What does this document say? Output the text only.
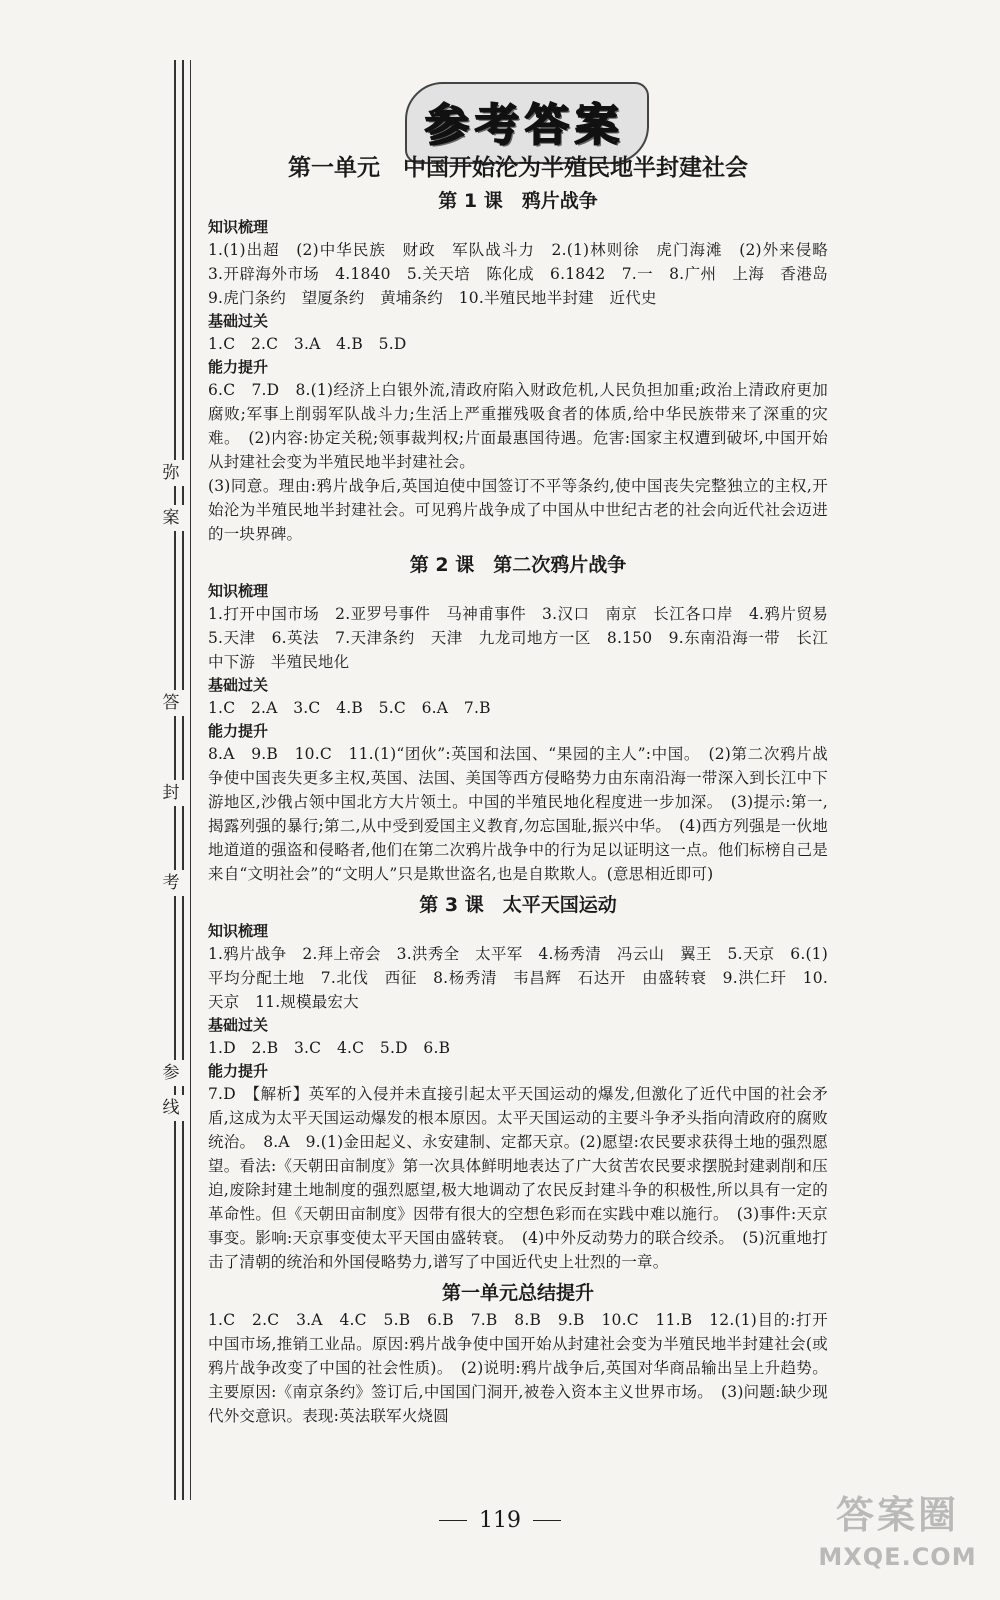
弥
案
答
封
考
参
线
参考答案
第一单元　中国开始沦为半殖民地半封建社会
第 1 课　鸦片战争
知识梳理

1.(1)出超　(2)中华民族　财政　军队战斗力　2.(1)林则徐　虎门海滩　(2)外来侵略　3.开辟海外市场　4.1840　5.关天培　陈化成　6.1842　7.一　8.广州　上海　香港岛　9.虎门条约　望厦条约　黄埔条约　10.半殖民地半封建　近代史

基础过关

1.C　2.C　3.A　4.B　5.D

能力提升

6.C　7.D　8.(1)经济上白银外流,清政府陷入财政危机,人民负担加重;政治上清政府更加腐败;军事上削弱军队战斗力;生活上严重摧残吸食者的体质,给中华民族带来了深重的灾难。　(2)内容:协定关税;领事裁判权;片面最惠国待遇。危害:国家主权遭到破坏,中国开始从封建社会变为半殖民地半封建社会。

(3)同意。理由:鸦片战争后,英国迫使中国签订不平等条约,使中国丧失完整独立的主权,开始沦为半殖民地半封建社会。可见鸦片战争成了中国从中世纪古老的社会向近代社会迈进的一块界碑。

第 2 课　第二次鸦片战争
知识梳理

1.打开中国市场　2.亚罗号事件　马神甫事件　3.汉口　南京　长江各口岸　4.鸦片贸易　5.天津　6.英法　7.天津条约　天津　九龙司地方一区　8.150　9.东南沿海一带　长江中下游　半殖民地化

基础过关

1.C　2.A　3.C　4.B　5.C　6.A　7.B

能力提升

8.A　9.B　10.C　11.(1)“团伙”:英国和法国、“果园的主人”:中国。　(2)第二次鸦片战争使中国丧失更多主权,英国、法国、美国等西方侵略势力由东南沿海一带深入到长江中下游地区,沙俄占领中国北方大片领土。中国的半殖民地化程度进一步加深。　(3)提示:第一,揭露列强的暴行;第二,从中受到爱国主义教育,勿忘国耻,振兴中华。　(4)西方列强是一伙地地道道的强盗和侵略者,他们在第二次鸦片战争中的行为足以证明这一点。他们标榜自己是来自“文明社会”的“文明人”只是欺世盗名,也是自欺欺人。(意思相近即可)

第 3 课　太平天国运动
知识梳理

1.鸦片战争　2.拜上帝会　3.洪秀全　太平军　4.杨秀清　冯云山　翼王　5.天京　6.(1)平均分配土地　7.北伐　西征　8.杨秀清　韦昌辉　石达开　由盛转衰　9.洪仁玕　10.天京　11.规模最宏大

基础过关

1.D　2.B　3.C　4.C　5.D　6.B

能力提升

7.D　【解析】英军的入侵并未直接引起太平天国运动的爆发,但激化了近代中国的社会矛盾,这成为太平天国运动爆发的根本原因。太平天国运动的主要斗争矛头指向清政府的腐败统治。　8.A　9.(1)金田起义、永安建制、定都天京。(2)愿望:农民要求获得土地的强烈愿望。看法:《天朝田亩制度》第一次具体鲜明地表达了广大贫苦农民要求摆脱封建剥削和压迫,废除封建土地制度的强烈愿望,极大地调动了农民反封建斗争的积极性,所以具有一定的革命性。但《天朝田亩制度》因带有很大的空想色彩而在实践中难以施行。　(3)事件:天京事变。影响:天京事变使太平天国由盛转衰。　(4)中外反动势力的联合绞杀。　(5)沉重地打击了清朝的统治和外国侵略势力,谱写了中国近代史上壮烈的一章。

第一单元总结提升

1.C　2.C　3.A　4.C　5.B　6.B　7.B　8.B　9.B　10.C　11.B　12.(1)目的:打开中国市场,推销工业品。原因:鸦片战争使中国开始从封建社会变为半殖民地半封建社会(或鸦片战争改变了中国的社会性质)。　(2)说明:鸦片战争后,英国对华商品输出呈上升趋势。主要原因:《南京条约》签订后,中国国门洞开,被卷入资本主义世界市场。　(3)问题:缺少现代外交意识。表现:英法联军火烧圆

119	答案圈
MXQE.COM
